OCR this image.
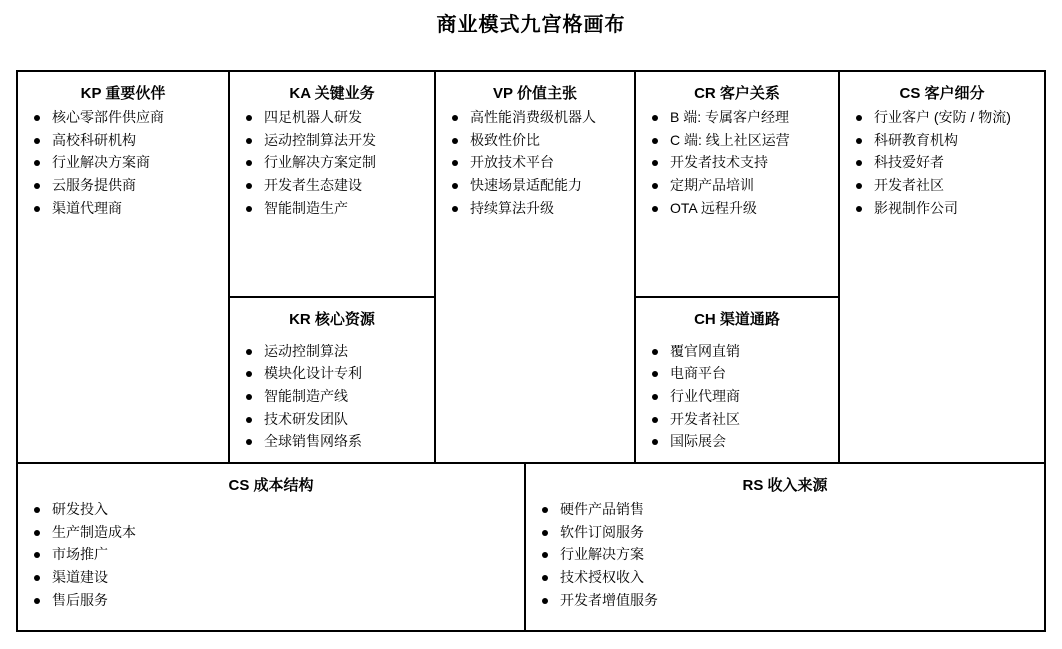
商业模式九宫格画布
KP 重要伙伴
核心零部件供应商
高校科研机构
行业解决方案商
云服务提供商
渠道代理商
KA 关键业务
四足机器人研发
运动控制算法开发
行业解决方案定制
开发者生态建设
智能制造生产
KR 核心资源
运动控制算法
模块化设计专利
智能制造产线
技术研发团队
全球销售网络系
VP 价值主张
高性能消费级机器人
极致性价比
开放技术平台
快速场景适配能力
持续算法升级
CR 客户关系
B 端: 专属客户经理
C 端: 线上社区运营
开发者技术支持
定期产品培训
OTA 远程升级
CH 渠道通路
覆官网直销
电商平台
行业代理商
开发者社区
国际展会
CS 客户细分
行业客户 (安防 / 物流)
科研教育机构
科技爱好者
开发者社区
影视制作公司
CS 成本结构
研发投入
生产制造成本
市场推广
渠道建设
售后服务
RS 收入来源
硬件产品销售
软件订阅服务
行业解决方案
技术授权收入
开发者增值服务
